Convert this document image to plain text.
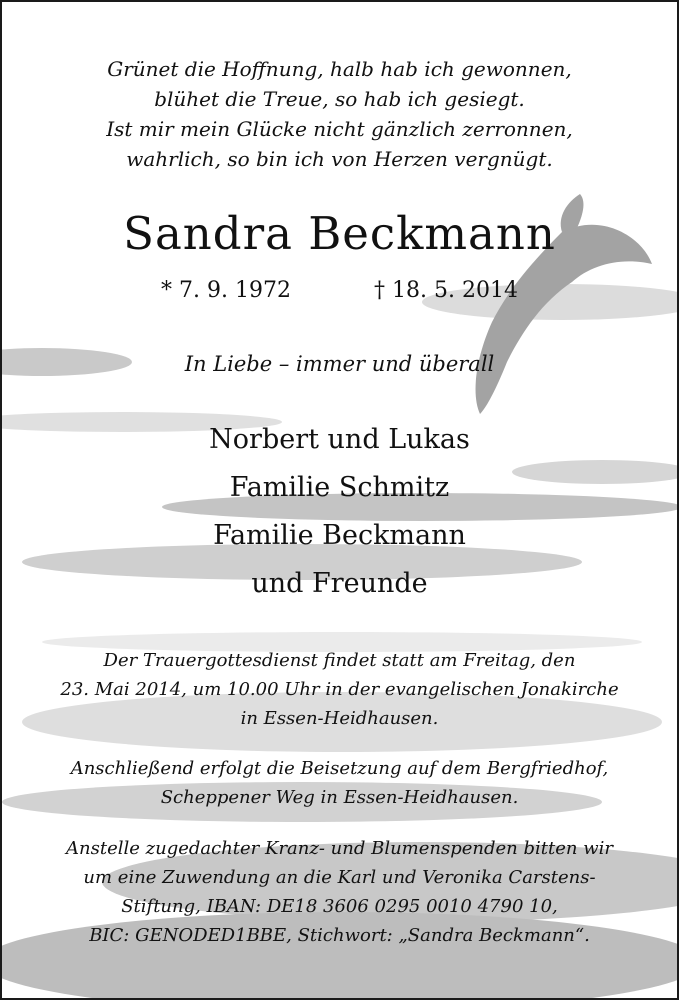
Grünet die Hoffnung, halb hab ich gewonnen,
blühet die Treue, so hab ich gesiegt.
Ist mir mein Glücke nicht gänzlich zerronnen,
wahrlich, so bin ich von Herzen vergnügt.
Sandra Beckmann
* 7. 9. 1972	† 18. 5. 2014
In Liebe – immer und überall
Norbert und Lukas
Familie Schmitz
Familie Beckmann
und Freunde
Der Trauergottesdienst findet statt am Freitag, den
23. Mai 2014, um 10.00 Uhr in der evangelischen Jonakirche
in Essen-Heidhausen.
Anschließend erfolgt die Beisetzung auf dem Bergfriedhof,
Scheppener Weg in Essen-Heidhausen.
Anstelle zugedachter Kranz- und Blumenspenden bitten wir
um eine Zuwendung an die Karl und Veronika Carstens-
Stiftung, IBAN: DE18 3606 0295 0010 4790 10,
BIC: GENODED1BBE, Stichwort: „Sandra Beckmann“.
